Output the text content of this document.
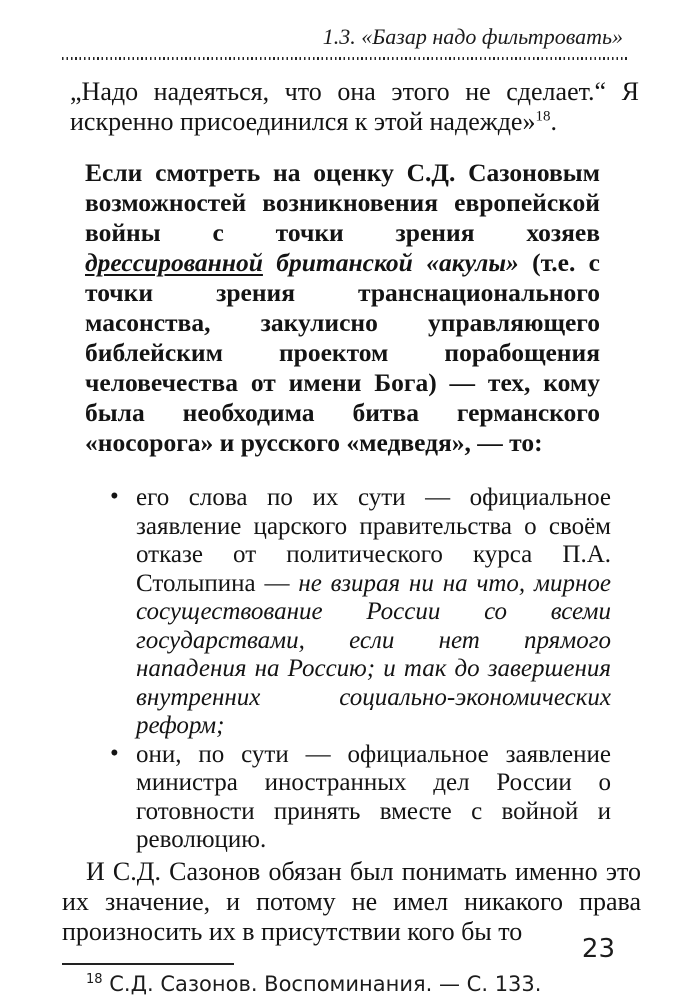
1.3. «Базар надо фильтровать»

„Надо надеяться, что она этого не сделает.“ Я искренно присоединился к этой надежде»$^{18}$.

Если смотреть на оценку С.Д. Сазоновым возможностей возникновения европейской войны с точки зрения хозяев дрессированной британской «акулы» (т.е. с точки зрения транснационального масонства, закулисно управляющего библейским проектом порабощения человечества от имени Бога) — тех, кому была необходима битва германского «носорога» и русского «медведя», — то:

• его слова по их сути — официальное заявление царского правительства о своём отказе от политического курса П.А. Столыпина — не взирая ни на что, мирное сосуществование России со всеми государствами, если нет прямого нападения на Россию; и так до завершения внутренних социально-экономических реформ;
• они, по сути — официальное заявление министра иностранных дел России о готовности принять вместе с войной и революцию.

И С.Д. Сазонов обязан был понимать именно это их значение, и потому не имел никакого права произносить их в присутствии кого бы то

$^{18}$ С.Д. Сазонов. Воспоминания. — С. 133.

23
